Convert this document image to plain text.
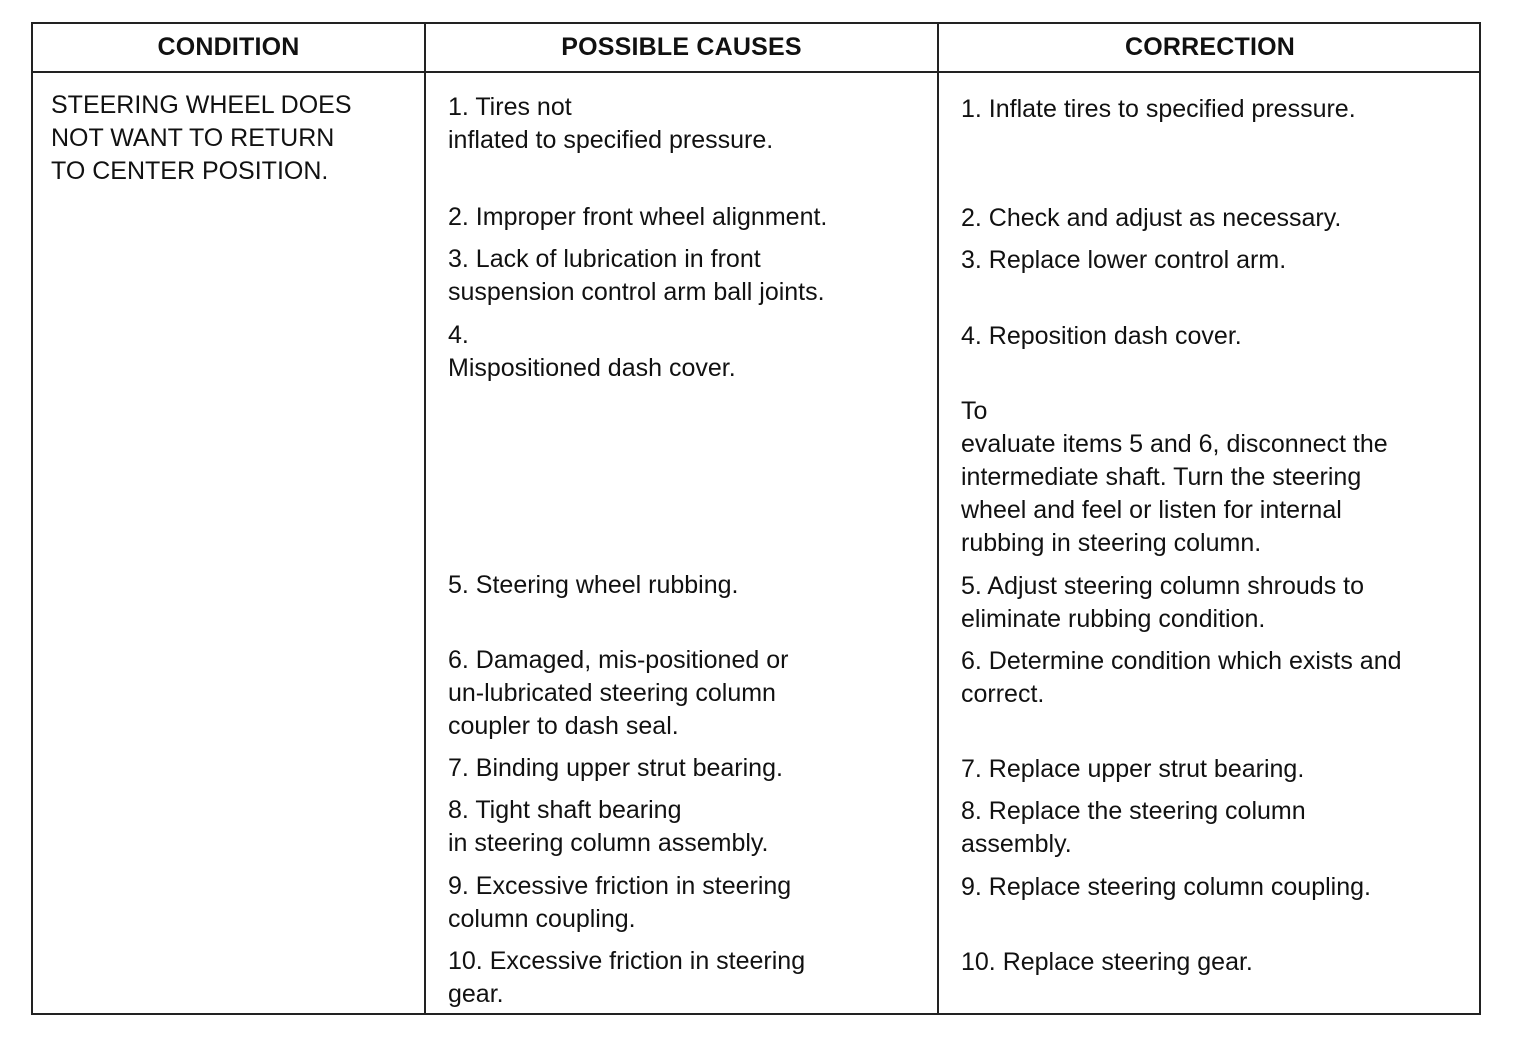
CONDITION	POSSIBLE CAUSES	CORRECTION
STEERING WHEEL DOES
NOT WANT TO RETURN
TO CENTER POSITION.
1. Tires not
inflated to specified pressure.
2. Improper front wheel alignment.
3. Lack of lubrication in front
suspension control arm ball joints.
4.
Mispositioned dash cover.
5. Steering wheel rubbing.
6. Damaged, mis-positioned or
un-lubricated steering column
coupler to dash seal.
7. Binding upper strut bearing.
8. Tight shaft bearing
in steering column assembly.
9. Excessive friction in steering
column coupling.
10. Excessive friction in steering
gear.
1. Inflate tires to specified pressure.
2. Check and adjust as necessary.
3. Replace lower control arm.
4. Reposition dash cover.
To
evaluate items 5 and 6, disconnect the
intermediate shaft. Turn the steering
wheel and feel or listen for internal
rubbing in steering column.
5. Adjust steering column shrouds to
eliminate rubbing condition.
6. Determine condition which exists and
correct.
7. Replace upper strut bearing.
8. Replace the steering column
assembly.
9. Replace steering column coupling.
10. Replace steering gear.
